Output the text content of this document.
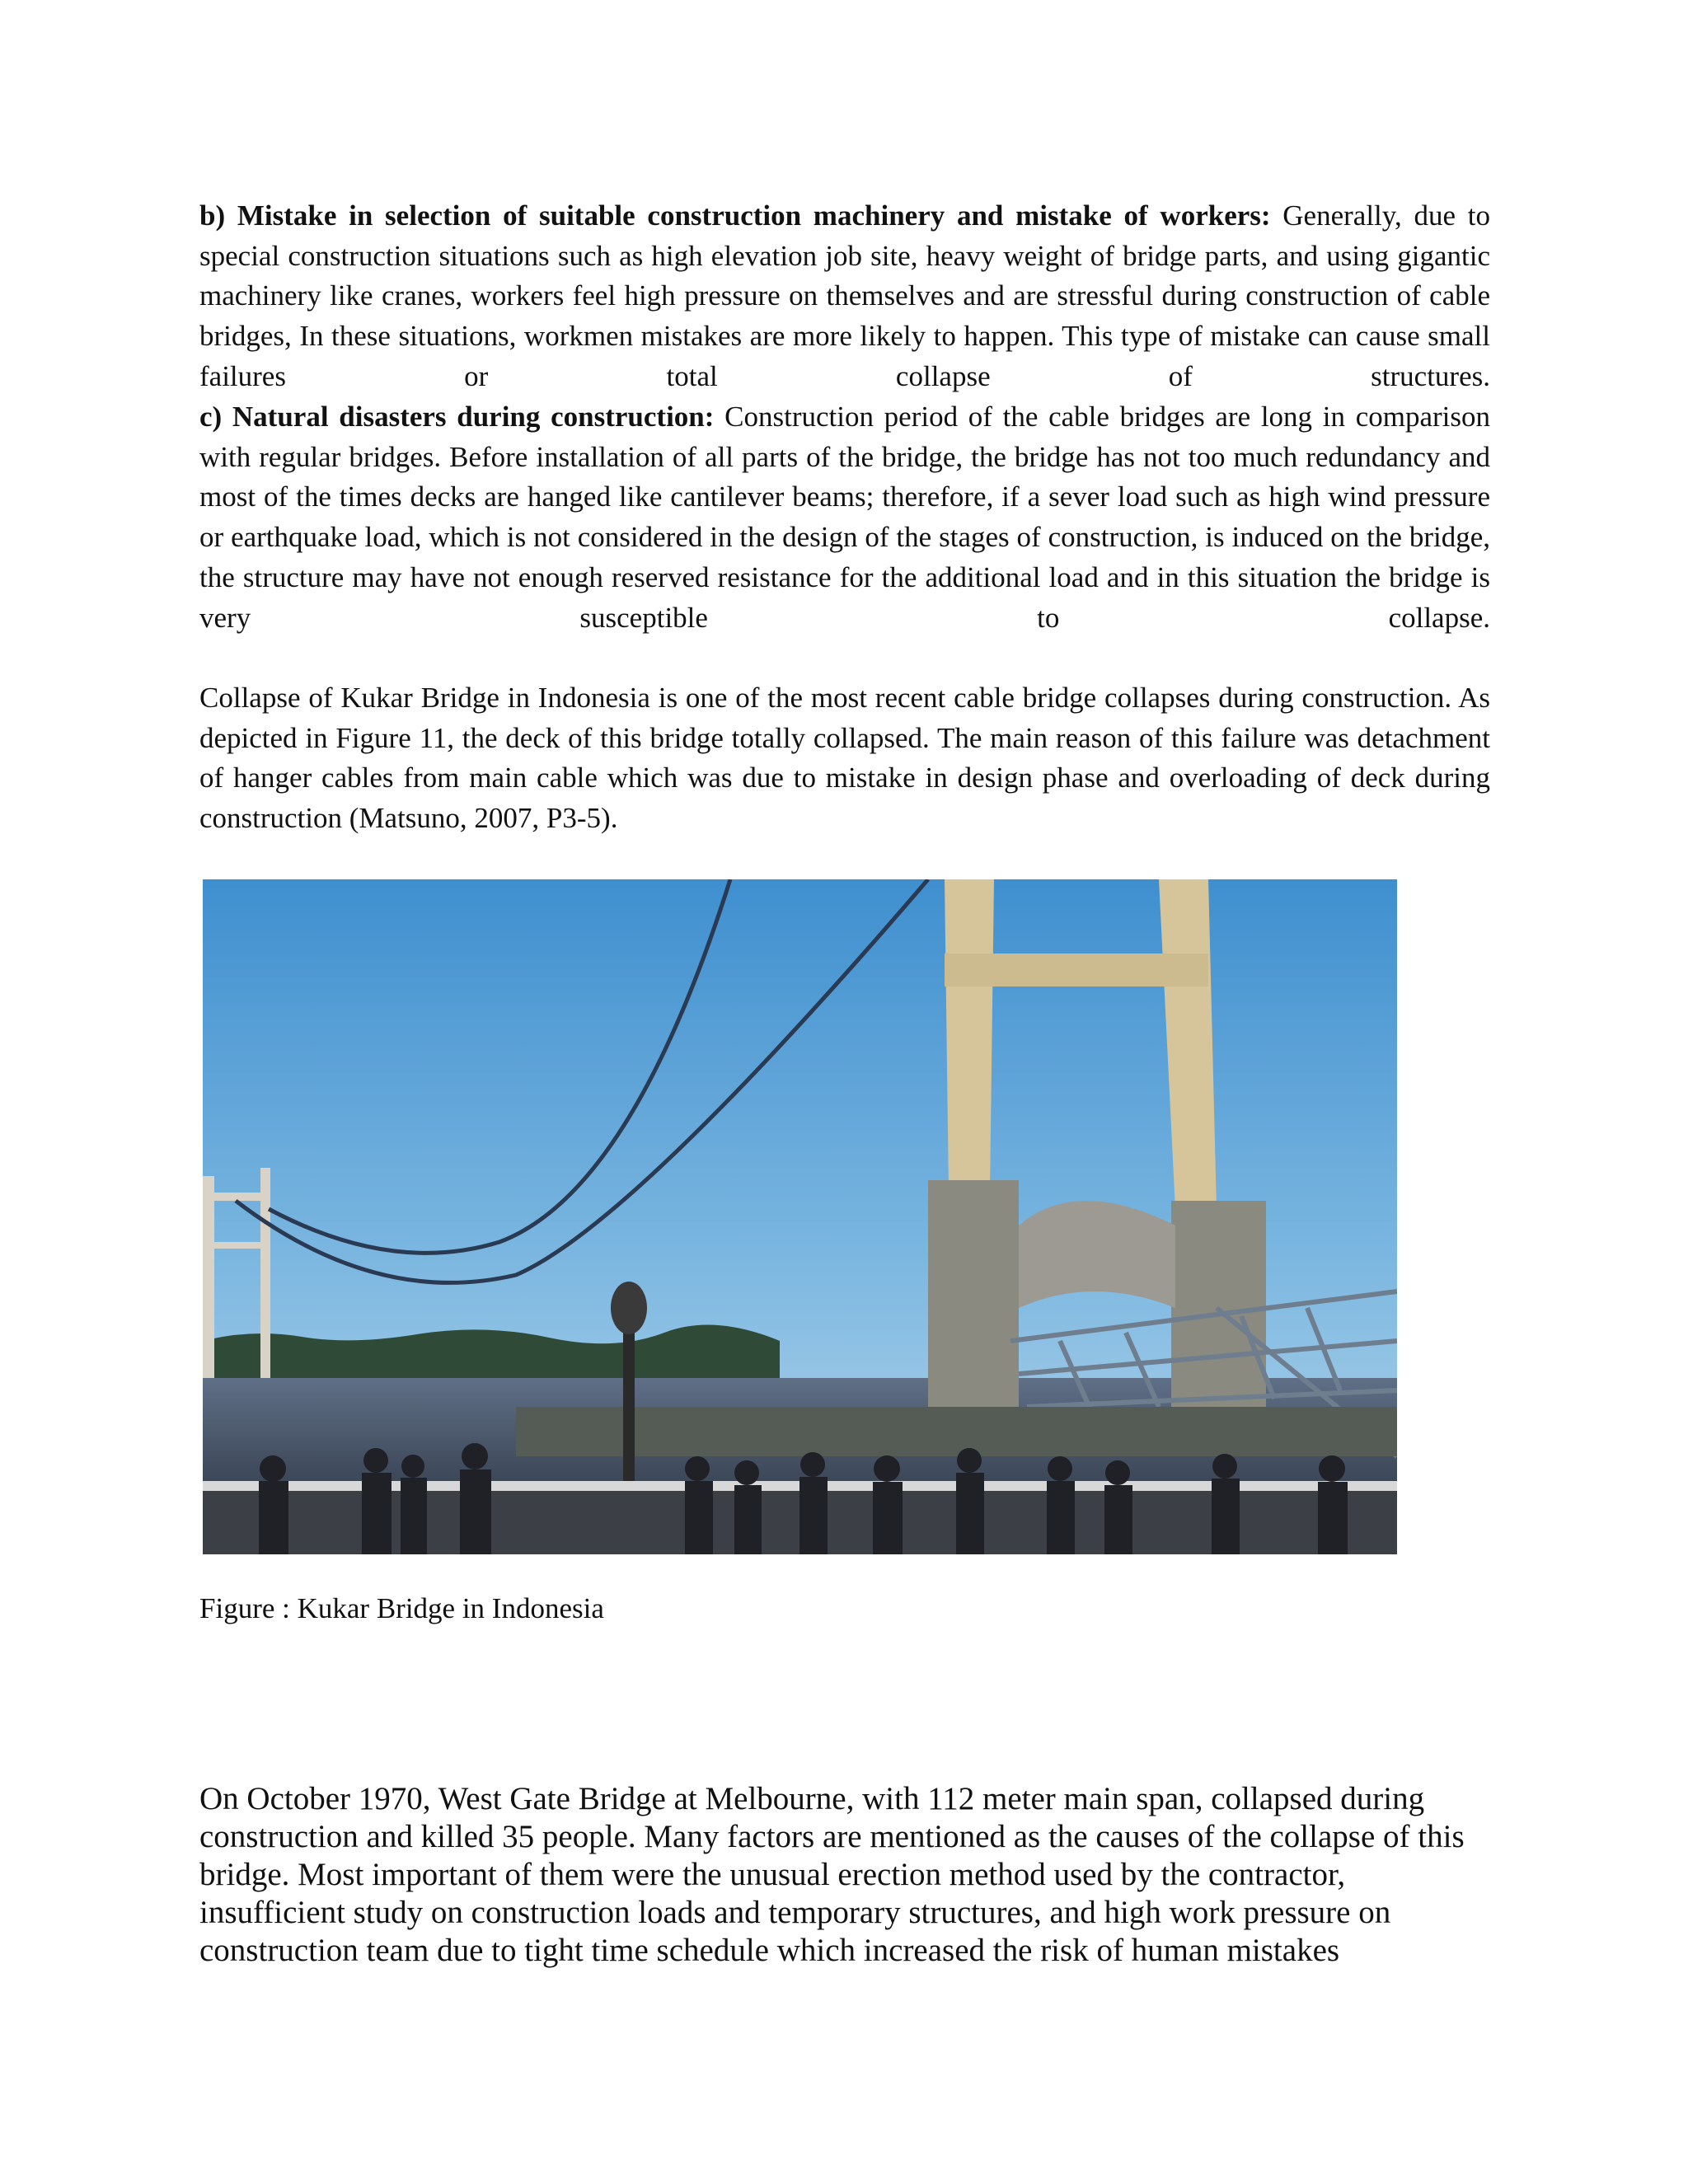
b) Mistake in selection of suitable construction machinery and mistake of workers: Generally, due to special construction situations such as high elevation job site, heavy weight of bridge parts, and using gigantic machinery like cranes, workers feel high pressure on themselves and are stressful during construction of cable bridges, In these situations, workmen mistakes are more likely to happen. This type of mistake can cause small failures or total collapse of structures.

c) Natural disasters during construction: Construction period of the cable bridges are long in comparison with regular bridges. Before installation of all parts of the bridge, the bridge has not too much redundancy and most of the times decks are hanged like cantilever beams; therefore, if a sever load such as high wind pressure or earthquake load, which is not considered in the design of the stages of construction, is induced on the bridge, the structure may have not enough reserved resistance for the additional load and in this situation the bridge is very susceptible to collapse.

Collapse of Kukar Bridge in Indonesia is one of the most recent cable bridge collapses during construction. As depicted in Figure 11, the deck of this bridge totally collapsed. The main reason of this failure was detachment of hanger cables from main cable which was due to mistake in design phase and overloading of deck during construction (Matsuno, 2007, P3-5).

Figure : Kukar Bridge in Indonesia

On October 1970, West Gate Bridge at Melbourne, with 112 meter main span, collapsed during construction and killed 35 people. Many factors are mentioned as the causes of the collapse of this bridge. Most important of them were the unusual erection method used by the contractor, insufficient study on construction loads and temporary structures, and high work pressure on construction team due to tight time schedule which increased the risk of human mistakes
